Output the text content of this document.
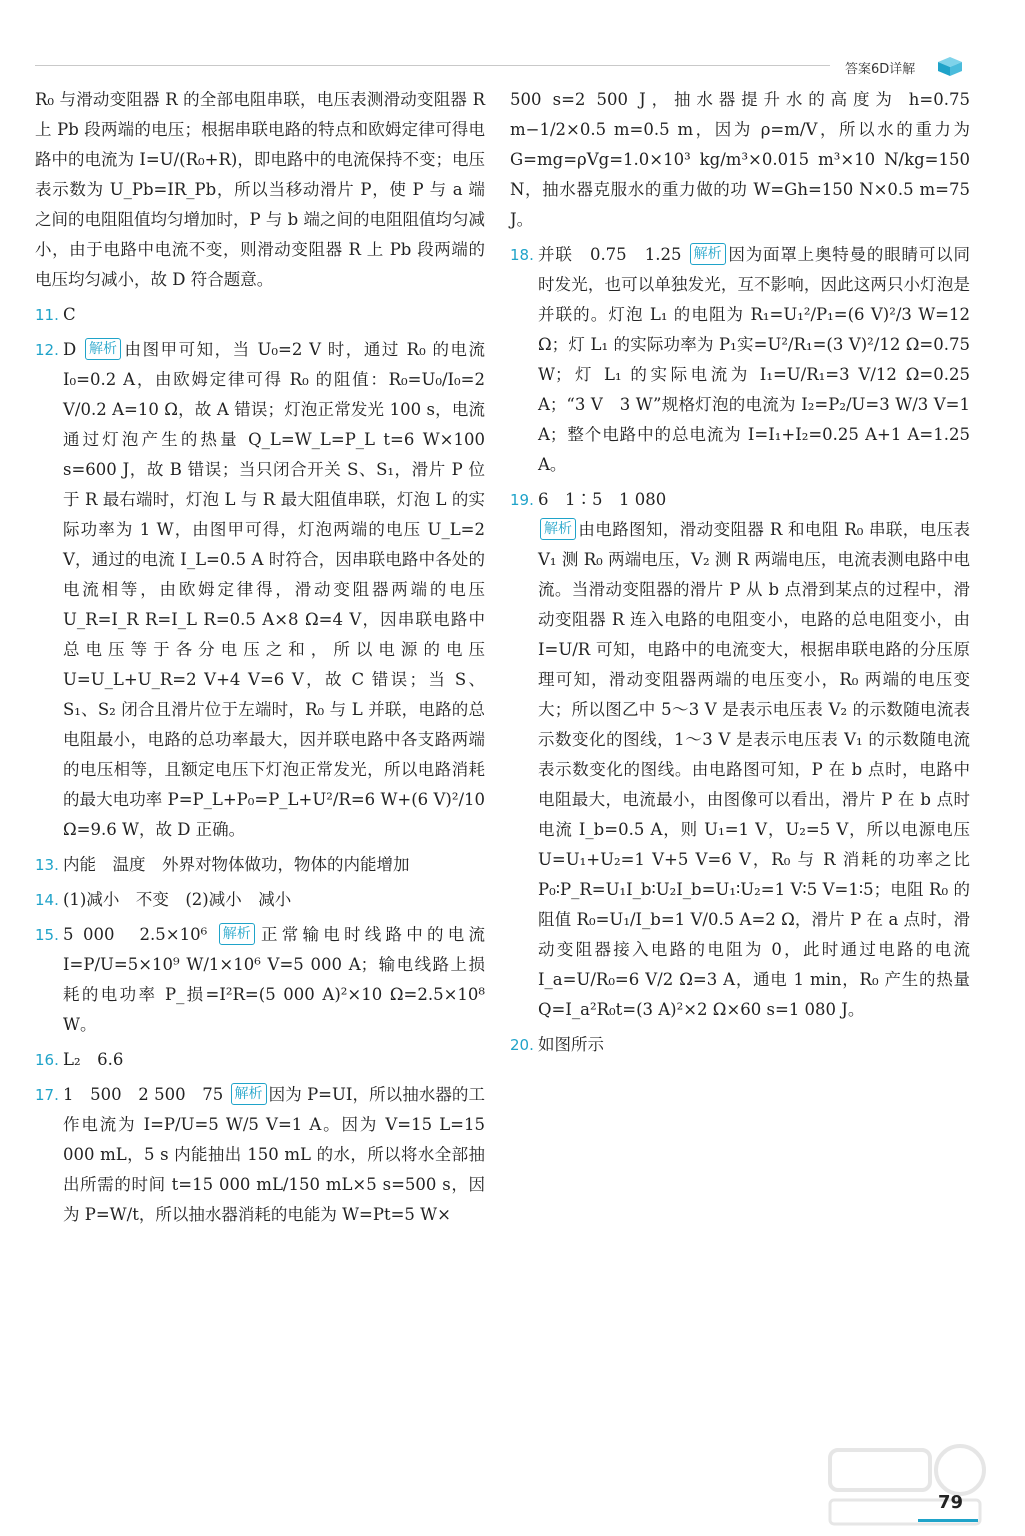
答案6D详解

R₀ 与滑动变阻器 R 的全部电阻串联，电压表测滑动变阻器 R 上 Pb 段两端的电压；根据串联电路的特点和欧姆定律可得电路中的电流为 I=U/(R₀+R)，即电路中的电流保持不变；电压表示数为 U_Pb=IR_Pb，所以当移动滑片 P，使 P 与 a 端之间的电阻阻值均匀增加时，P 与 b 端之间的电阻阻值均匀减小，由于电路中电流不变，则滑动变阻器 R 上 Pb 段两端的电压均匀减小，故 D 符合题意。

11. C
12. D 解析 由图甲可知，当 U₀=2 V 时，通过 R₀ 的电流 I₀=0.2 A，由欧姆定律可得 R₀ 的阻值：R₀=U₀/I₀=2 V/0.2 A=10 Ω，故 A 错误；灯泡正常发光 100 s，电流通过灯泡产生的热量 Q_L=W_L=P_L t=6 W×100 s=600 J，故 B 错误；当只闭合开关 S、S₁，滑片 P 位于 R 最右端时，灯泡 L 与 R 最大阻值串联，灯泡 L 的实际功率为 1 W，由图甲可得，灯泡两端的电压 U_L=2 V，通过的电流 I_L=0.5 A 时符合，因串联电路中各处的电流相等，由欧姆定律得，滑动变阻器两端的电压 U_R=I_R R=I_L R=0.5 A×8 Ω=4 V，因串联电路中总电压等于各分电压之和，所以电源的电压 U=U_L+U_R=2 V+4 V=6 V，故 C 错误；当 S、S₁、S₂ 闭合且滑片位于左端时，R₀ 与 L 并联，电路的总电阻最小，电路的总功率最大，因并联电路中各支路两端的电压相等，且额定电压下灯泡正常发光，所以电路消耗的最大电功率 P=P_L+P₀=P_L+U²/R=6 W+(6 V)²/10 Ω=9.6 W，故 D 正确。
13. 内能　温度　外界对物体做功，物体的内能增加
14. (1)减小　不变　(2)减小　减小
15. 5 000　2.5×10⁶ 解析 正常输电时线路中的电流 I=P/U=5×10⁹ W/1×10⁶ V=5 000 A；输电线路上损耗的电功率 P_损=I²R=(5 000 A)²×10 Ω=2.5×10⁸ W。
16. L₂　6.6
17. 1　500　2 500　75 解析 因为 P=UI，所以抽水器的工作电流为 I=P/U=5 W/5 V=1 A。因为 V=15 L=15 000 mL，5 s 内能抽出 150 mL 的水，所以将水全部抽出所需的时间 t=15 000 mL/150 mL×5 s=500 s，因为 P=W/t，所以抽水器消耗的电能为 W=Pt=5 W×

500 s=2 500 J，抽水器提升水的高度为 h=0.75 m−1/2×0.5 m=0.5 m，因为 ρ=m/V，所以水的重力为 G=mg=ρVg=1.0×10³ kg/m³×0.015 m³×10 N/kg=150 N，抽水器克服水的重力做的功 W=Gh=150 N×0.5 m=75 J。

18. 并联　0.75　1.25 解析 因为面罩上奥特曼的眼睛可以同时发光，也可以单独发光，互不影响，因此这两只小灯泡是并联的。灯泡 L₁ 的电阻为 R₁=U₁²/P₁=(6 V)²/3 W=12 Ω；灯 L₁ 的实际功率为 P₁实=U²/R₁=(3 V)²/12 Ω=0.75 W；灯 L₁ 的实际电流为 I₁=U/R₁=3 V/12 Ω=0.25 A；“3 V　3 W”规格灯泡的电流为 I₂=P₂/U=3 W/3 V=1 A；整个电路中的总电流为 I=I₁+I₂=0.25 A+1 A=1.25 A。
19. 6　1∶5　1 080
解析 由电路图知，滑动变阻器 R 和电阻 R₀ 串联，电压表 V₁ 测 R₀ 两端电压，V₂ 测 R 两端电压，电流表测电路中电流。当滑动变阻器的滑片 P 从 b 点滑到某点的过程中，滑动变阻器 R 连入电路的电阻变小，电路的总电阻变小，由 I=U/R 可知，电路中的电流变大，根据串联电路的分压原理可知，滑动变阻器两端的电压变小，R₀ 两端的电压变大；所以图乙中 5～3 V 是表示电压表 V₂ 的示数随电流表示数变化的图线，1～3 V 是表示电压表 V₁ 的示数随电流表示数变化的图线。由电路图可知，P 在 b 点时，电路中电阻最大，电流最小，由图像可以看出，滑片 P 在 b 点时电流 I_b=0.5 A，则 U₁=1 V，U₂=5 V，所以电源电压 U=U₁+U₂=1 V+5 V=6 V，R₀ 与 R 消耗的功率之比 P₀∶P_R=U₁I_b∶U₂I_b=U₁∶U₂=1 V∶5 V=1∶5；电阻 R₀ 的阻值 R₀=U₁/I_b=1 V/0.5 A=2 Ω，滑片 P 在 a 点时，滑动变阻器接入电路的电阻为 0，此时通过电路的电流 I_a=U/R₀=6 V/2 Ω=3 A，通电 1 min，R₀ 产生的热量 Q=I_a²R₀t=(3 A)²×2 Ω×60 s=1 080 J。
20. 如图所示
79
